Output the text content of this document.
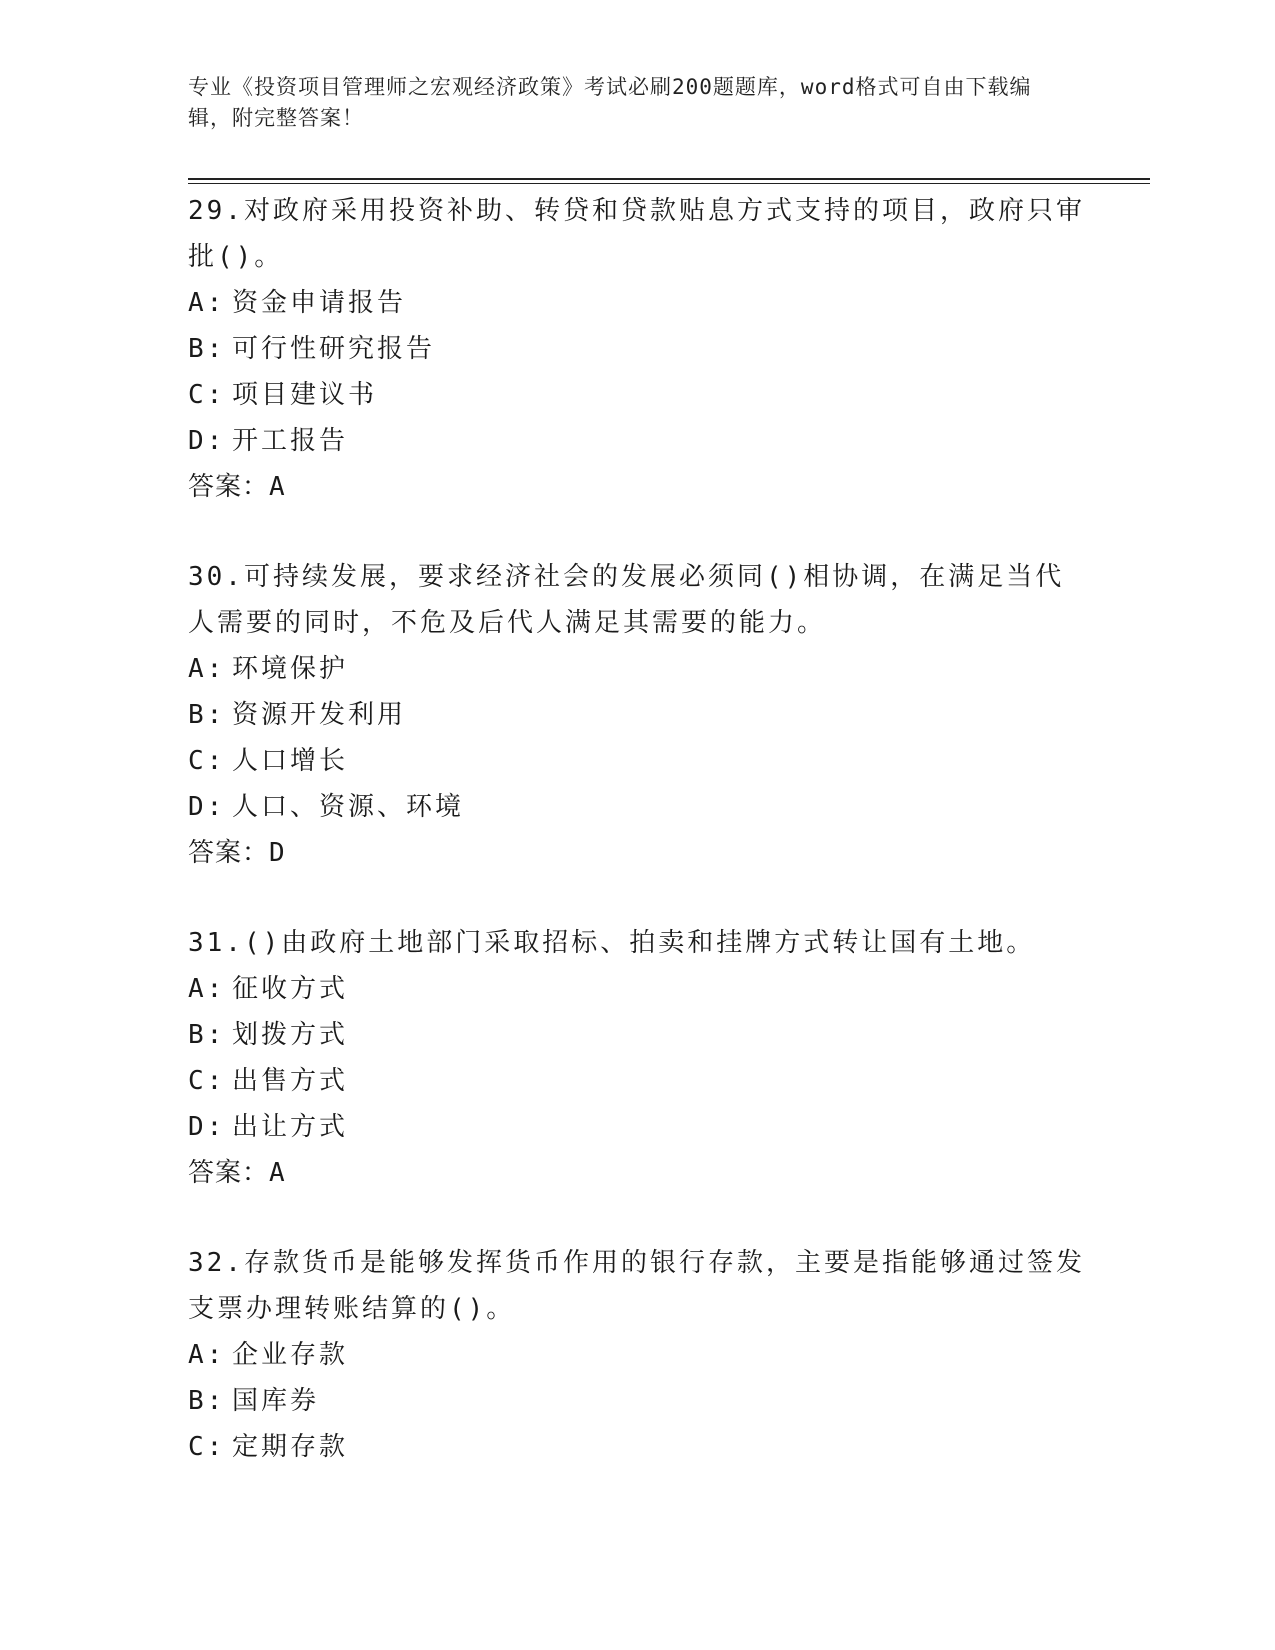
专业《投资项目管理师之宏观经济政策》考试必刷200题题库，word格式可自由下载编辑，附完整答案！
29.对政府采用投资补助、转贷和贷款贴息方式支持的项目，政府只审批()。
A: 资金申请报告
B: 可行性研究报告
C: 项目建议书
D: 开工报告
答案：A
30.可持续发展，要求经济社会的发展必须同()相协调，在满足当代人需要的同时，不危及后代人满足其需要的能力。
A: 环境保护
B: 资源开发利用
C: 人口增长
D: 人口、资源、环境
答案：D
31.()由政府土地部门采取招标、拍卖和挂牌方式转让国有土地。
A: 征收方式
B: 划拨方式
C: 出售方式
D: 出让方式
答案：A
32.存款货币是能够发挥货币作用的银行存款，主要是指能够通过签发支票办理转账结算的()。
A: 企业存款
B: 国库券
C: 定期存款
